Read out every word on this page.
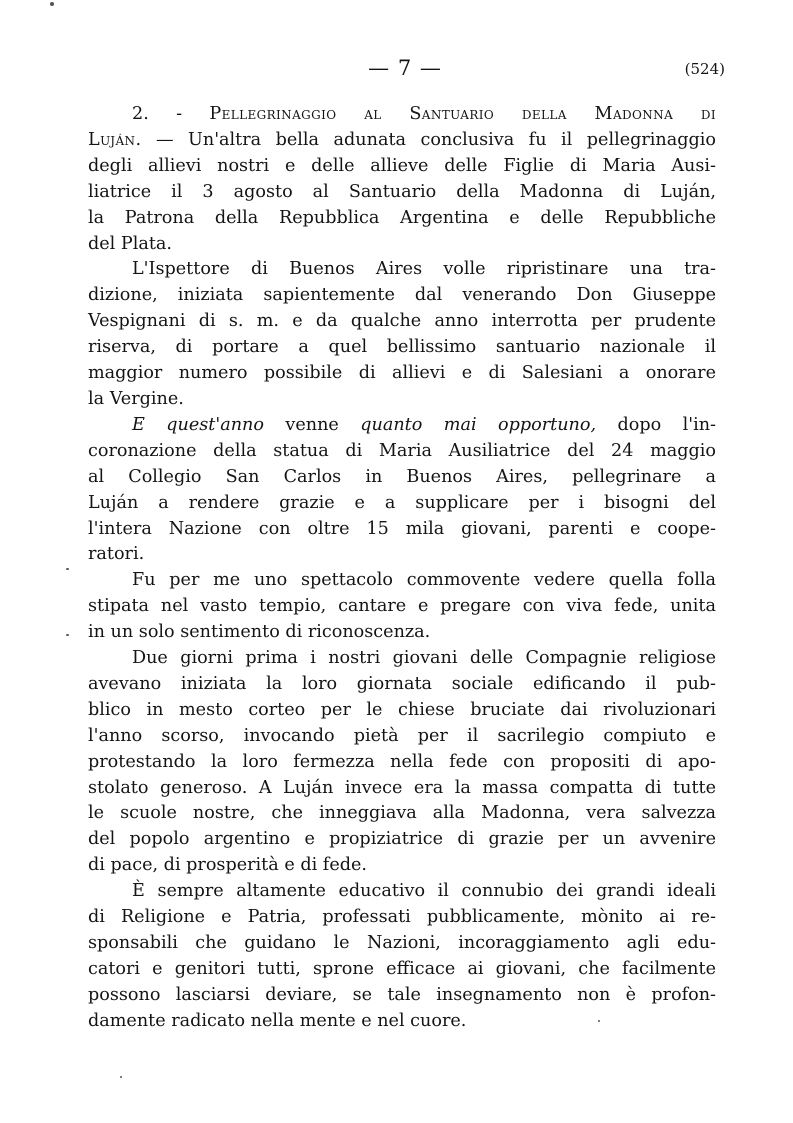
— 7 —	(524)
2. - Pellegrinaggio al Santuario della Madonna di
Luján. — Un'altra bella adunata conclusiva fu il pellegrinaggio
degli allievi nostri e delle allieve delle Figlie di Maria Ausi-
liatrice il 3 agosto al Santuario della Madonna di Luján,
la Patrona della Repubblica Argentina e delle Repubbliche
del Plata.
L'Ispettore di Buenos Aires volle ripristinare una tra-
dizione, iniziata sapientemente dal venerando Don Giuseppe
Vespignani di s. m. e da qualche anno interrotta per prudente
riserva, di portare a quel bellissimo santuario nazionale il
maggior numero possibile di allievi e di Salesiani a onorare
la Vergine.
E quest'anno venne quanto mai opportuno, dopo l'in-
coronazione della statua di Maria Ausiliatrice del 24 maggio
al Collegio San Carlos in Buenos Aires, pellegrinare a
Luján a rendere grazie e a supplicare per i bisogni del
l'intera Nazione con oltre 15 mila giovani, parenti e coope-
ratori.
Fu per me uno spettacolo commovente vedere quella folla
stipata nel vasto tempio, cantare e pregare con viva fede, unita
in un solo sentimento di riconoscenza.
Due giorni prima i nostri giovani delle Compagnie religiose
avevano iniziata la loro giornata sociale edificando il pub-
blico in mesto corteo per le chiese bruciate dai rivoluzionari
l'anno scorso, invocando pietà per il sacrilegio compiuto e
protestando la loro fermezza nella fede con propositi di apo-
stolato generoso. A Luján invece era la massa compatta di tutte
le scuole nostre, che inneggiava alla Madonna, vera salvezza
del popolo argentino e propiziatrice di grazie per un avvenire
di pace, di prosperità e di fede.
È sempre altamente educativo il connubio dei grandi ideali
di Religione e Patria, professati pubblicamente, mònito ai re-
sponsabili che guidano le Nazioni, incoraggiamento agli edu-
catori e genitori tutti, sprone efficace ai giovani, che facilmente
possono lasciarsi deviare, se tale insegnamento non è profon-
damente radicato nella mente e nel cuore.
